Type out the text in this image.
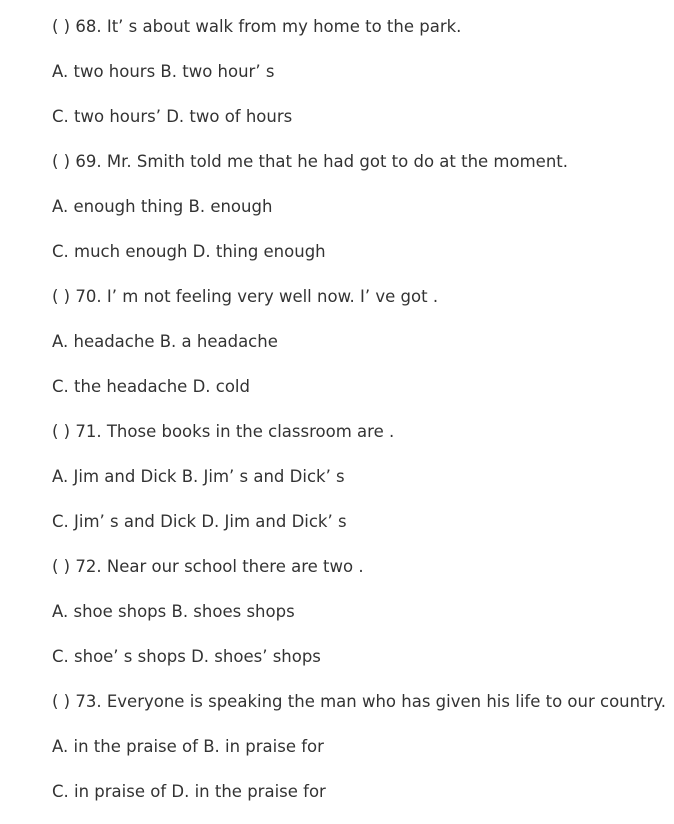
( ) 68. It’ s about walk from my home to the park.
A. two hours B. two hour’ s
C. two hours’ D. two of hours
( ) 69. Mr. Smith told me that he had got to do at the moment.
A. enough thing B. enough
C. much enough D. thing enough
( ) 70. I’ m not feeling very well now. I’ ve got .
A. headache B. a headache
C. the headache D. cold
( ) 71. Those books in the classroom are .
A. Jim and Dick B. Jim’ s and Dick’ s
C. Jim’ s and Dick D. Jim and Dick’ s
( ) 72. Near our school there are two .
A. shoe shops B. shoes shops
C. shoe’ s shops D. shoes’ shops
( ) 73. Everyone is speaking the man who has given his life to our country.
A. in the praise of B. in praise for
C. in praise of D. in the praise for
